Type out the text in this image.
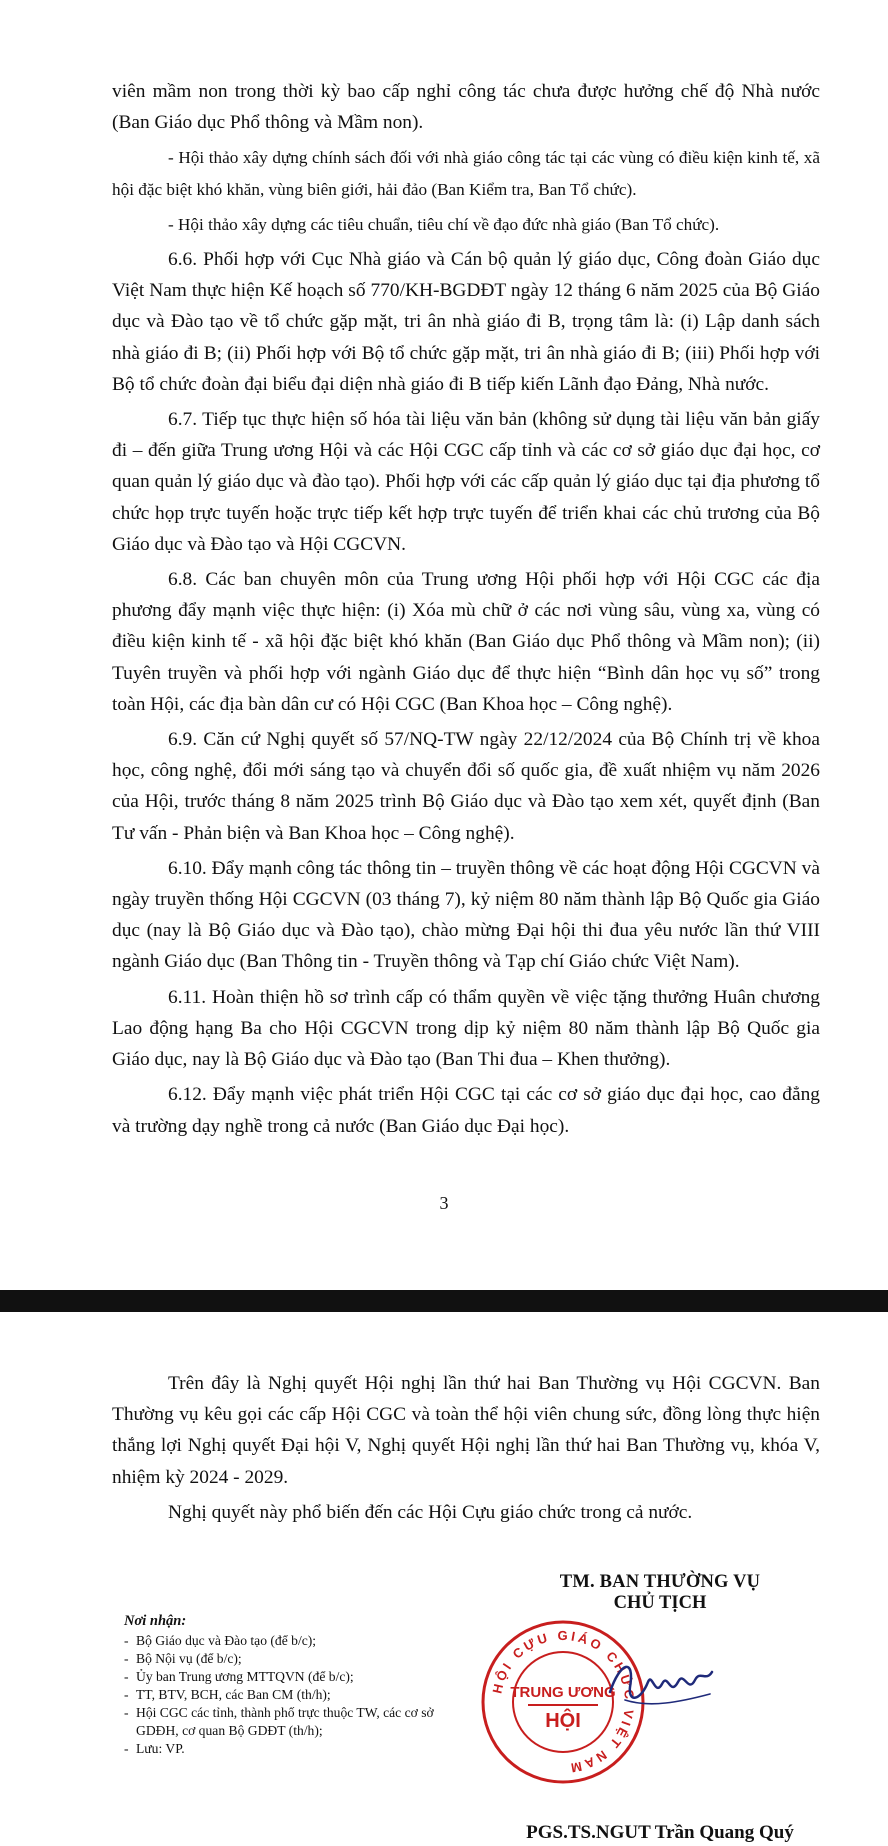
viên mầm non trong thời kỳ bao cấp nghỉ công tác chưa được hưởng chế độ Nhà nước (Ban Giáo dục Phổ thông và Mầm non).

- Hội thảo xây dựng chính sách đối với nhà giáo công tác tại các vùng có điều kiện kinh tế, xã hội đặc biệt khó khăn, vùng biên giới, hải đảo (Ban Kiểm tra, Ban Tổ chức).

- Hội thảo xây dựng các tiêu chuẩn, tiêu chí về đạo đức nhà giáo (Ban Tổ chức).

6.6. Phối hợp với Cục Nhà giáo và Cán bộ quản lý giáo dục, Công đoàn Giáo dục Việt Nam thực hiện Kế hoạch số 770/KH-BGDĐT ngày 12 tháng 6 năm 2025 của Bộ Giáo dục và Đào tạo về tổ chức gặp mặt, tri ân nhà giáo đi B, trọng tâm là: (i) Lập danh sách nhà giáo đi B; (ii) Phối hợp với Bộ tổ chức gặp mặt, tri ân nhà giáo đi B; (iii) Phối hợp với Bộ tổ chức đoàn đại biểu đại diện nhà giáo đi B tiếp kiến Lãnh đạo Đảng, Nhà nước.

6.7. Tiếp tục thực hiện số hóa tài liệu văn bản (không sử dụng tài liệu văn bản giấy đi – đến giữa Trung ương Hội và các Hội CGC cấp tỉnh và các cơ sở giáo dục đại học, cơ quan quản lý giáo dục và đào tạo). Phối hợp với các cấp quản lý giáo dục tại địa phương tổ chức họp trực tuyến hoặc trực tiếp kết hợp trực tuyến để triển khai các chủ trương của Bộ Giáo dục và Đào tạo và Hội CGCVN.

6.8. Các ban chuyên môn của Trung ương Hội phối hợp với Hội CGC các địa phương đẩy mạnh việc thực hiện: (i) Xóa mù chữ ở các nơi vùng sâu, vùng xa, vùng có điều kiện kinh tế - xã hội đặc biệt khó khăn (Ban Giáo dục Phổ thông và Mầm non); (ii) Tuyên truyền và phối hợp với ngành Giáo dục để thực hiện “Bình dân học vụ số” trong toàn Hội, các địa bàn dân cư có Hội CGC (Ban Khoa học – Công nghệ).

6.9. Căn cứ Nghị quyết số 57/NQ-TW ngày 22/12/2024 của Bộ Chính trị về khoa học, công nghệ, đổi mới sáng tạo và chuyển đổi số quốc gia, đề xuất nhiệm vụ năm 2026 của Hội, trước tháng 8 năm 2025 trình Bộ Giáo dục và Đào tạo xem xét, quyết định (Ban Tư vấn - Phản biện và Ban Khoa học – Công nghệ).

6.10. Đẩy mạnh công tác thông tin – truyền thông về các hoạt động Hội CGCVN và ngày truyền thống Hội CGCVN (03 tháng 7), kỷ niệm 80 năm thành lập Bộ Quốc gia Giáo dục (nay là Bộ Giáo dục và Đào tạo), chào mừng Đại hội thi đua yêu nước lần thứ VIII ngành Giáo dục (Ban Thông tin - Truyền thông và Tạp chí Giáo chức Việt Nam).

6.11. Hoàn thiện hồ sơ trình cấp có thẩm quyền về việc tặng thưởng Huân chương Lao động hạng Ba cho Hội CGCVN trong dịp kỷ niệm 80 năm thành lập Bộ Quốc gia Giáo dục, nay là Bộ Giáo dục và Đào tạo (Ban Thi đua – Khen thưởng).

6.12. Đẩy mạnh việc phát triển Hội CGC tại các cơ sở giáo dục đại học, cao đẳng và trường dạy nghề trong cả nước (Ban Giáo dục Đại học).

3

Trên đây là Nghị quyết Hội nghị lần thứ hai Ban Thường vụ Hội CGCVN. Ban Thường vụ kêu gọi các cấp Hội CGC và toàn thể hội viên chung sức, đồng lòng thực hiện thắng lợi Nghị quyết Đại hội V, Nghị quyết Hội nghị lần thứ hai Ban Thường vụ, khóa V, nhiệm kỳ 2024 - 2029.

Nghị quyết này phổ biến đến các Hội Cựu giáo chức trong cả nước.

Nơi nhận:
- Bộ Giáo dục và Đào tạo (để b/c);
- Bộ Nội vụ (để b/c);
- Ủy ban Trung ương MTTQVN (để b/c);
- TT, BTV, BCH, các Ban CM (th/h);
- Hội CGC các tỉnh, thành phố trực thuộc TW, các cơ sở GDĐH, cơ quan Bộ GDĐT (th/h);
- Lưu: VP.
TM. BAN THƯỜNG VỤ
CHỦ TỊCH
PGS.TS.NGUT Trần Quang Quý
HỘI CỰU GIÁO CHỨC VIỆT NAM
TRUNG ƯƠNG
HỘI
